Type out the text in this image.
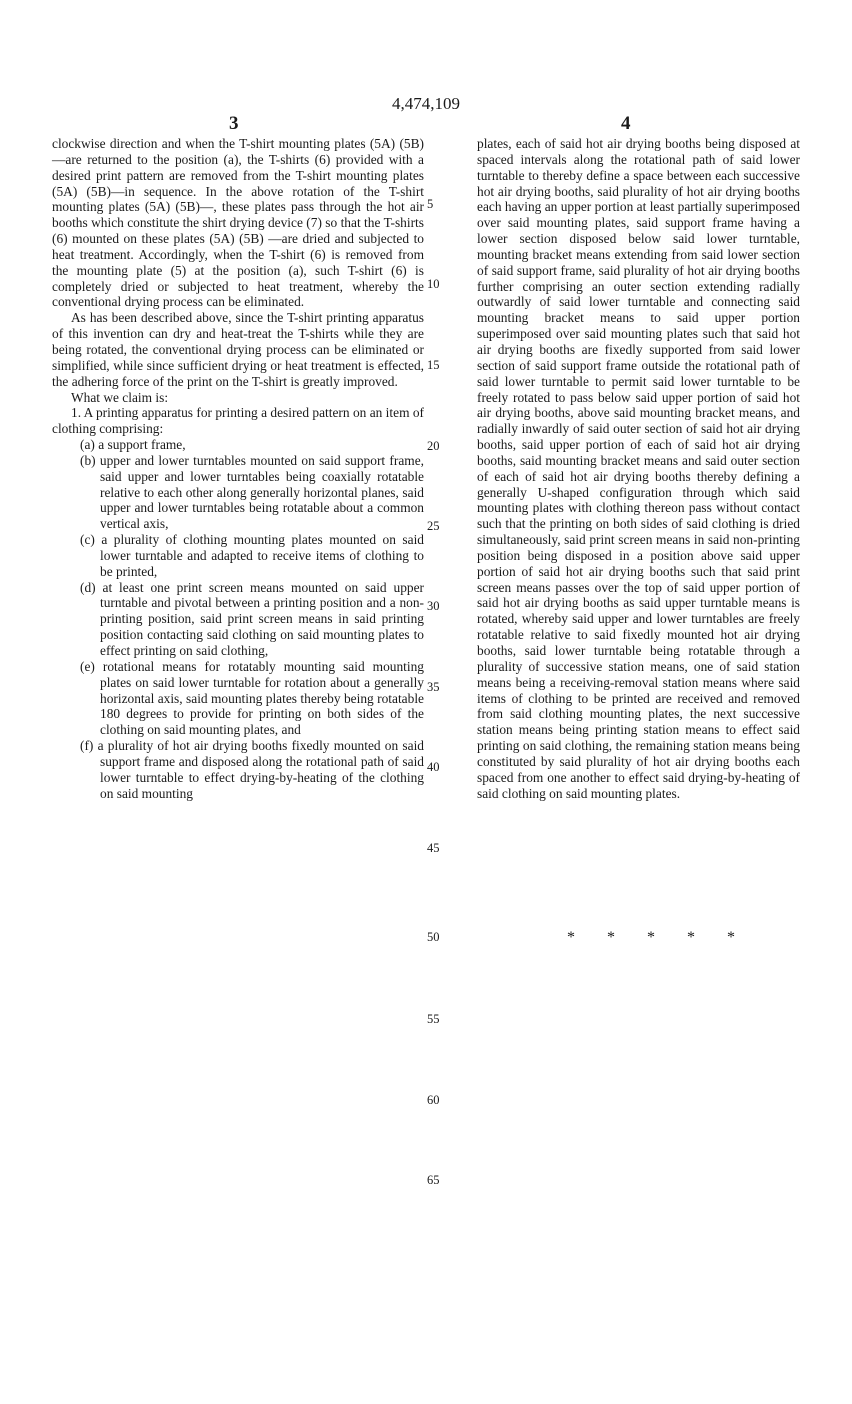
4,474,109
3	4

clockwise direction and when the T-shirt mounting plates (5A) (5B)—are returned to the position (a), the T-shirts (6) provided with a desired print pattern are removed from the T-shirt mounting plates (5A) (5B)—in sequence. In the above rotation of the T-shirt mounting plates (5A) (5B)—, these plates pass through the hot air booths which constitute the shirt drying device (7) so that the T-shirts (6) mounted on these plates (5A) (5B) —are dried and subjected to heat treatment. Accordingly, when the T-shirt (6) is removed from the mounting plate (5) at the position (a), such T-shirt (6) is completely dried or subjected to heat treatment, whereby the conventional drying process can be eliminated.

As has been described above, since the T-shirt printing apparatus of this invention can dry and heat-treat the T-shirts while they are being rotated, the conventional drying process can be eliminated or simplified, while since sufficient drying or heat treatment is effected, the adhering force of the print on the T-shirt is greatly improved.

What we claim is:

1. A printing apparatus for printing a desired pattern on an item of clothing comprising:

(a) a support frame,

(b) upper and lower turntables mounted on said support frame, said upper and lower turntables being coaxially rotatable relative to each other along generally horizontal planes, said upper and lower turntables being rotatable about a common vertical axis,

(c) a plurality of clothing mounting plates mounted on said lower turntable and adapted to receive items of clothing to be printed,

(d) at least one print screen means mounted on said upper turntable and pivotal between a printing position and a non-printing position, said print screen means in said printing position contacting said clothing on said mounting plates to effect printing on said clothing,

(e) rotational means for rotatably mounting said mounting plates on said lower turntable for rotation about a generally horizontal axis, said mounting plates thereby being rotatable 180 degrees to provide for printing on both sides of the clothing on said mounting plates, and

(f) a plurality of hot air drying booths fixedly mounted on said support frame and disposed along the rotational path of said lower turntable to effect drying-by-heating of the clothing on said mounting

plates, each of said hot air drying booths being disposed at spaced intervals along the rotational path of said lower turntable to thereby define a space between each successive hot air drying booths, said plurality of hot air drying booths each having an upper portion at least partially superimposed over said mounting plates, said support frame having a lower section disposed below said lower turntable, mounting bracket means extending from said lower section of said support frame, said plurality of hot air drying booths further comprising an outer section extending radially outwardly of said lower turntable and connecting said mounting bracket means to said upper portion superimposed over said mounting plates such that said hot air drying booths are fixedly supported from said lower section of said support frame outside the rotational path of said lower turntable to permit said lower turntable to be freely rotated to pass below said upper portion of said hot air drying booths, above said mounting bracket means, and radially inwardly of said outer section of said hot air drying booths, said upper portion of each of said hot air drying booths, said mounting bracket means and said outer section of each of said hot air drying booths thereby defining a generally U-shaped configuration through which said mounting plates with clothing thereon pass without contact such that the printing on both sides of said clothing is dried simultaneously, said print screen means in said non-printing position being disposed in a position above said upper portion of said hot air drying booths such that said print screen means passes over the top of said upper portion of said hot air drying booths as said upper turntable means is rotated, whereby said upper and lower turntables are freely rotatable relative to said fixedly mounted hot air drying booths, said lower turntable being rotatable through a plurality of successive station means, one of said station means being a receiving-removal station means where said items of clothing to be printed are received and removed from said clothing mounting plates, the next successive station means being printing station means to effect said printing on said clothing, the remaining station means being constituted by said plurality of hot air drying booths each spaced from one another to effect said drying-by-heating of said clothing on said mounting plates.

* * * * *
5
10
15
20
25
30
35
40
45
50
55
60
65
